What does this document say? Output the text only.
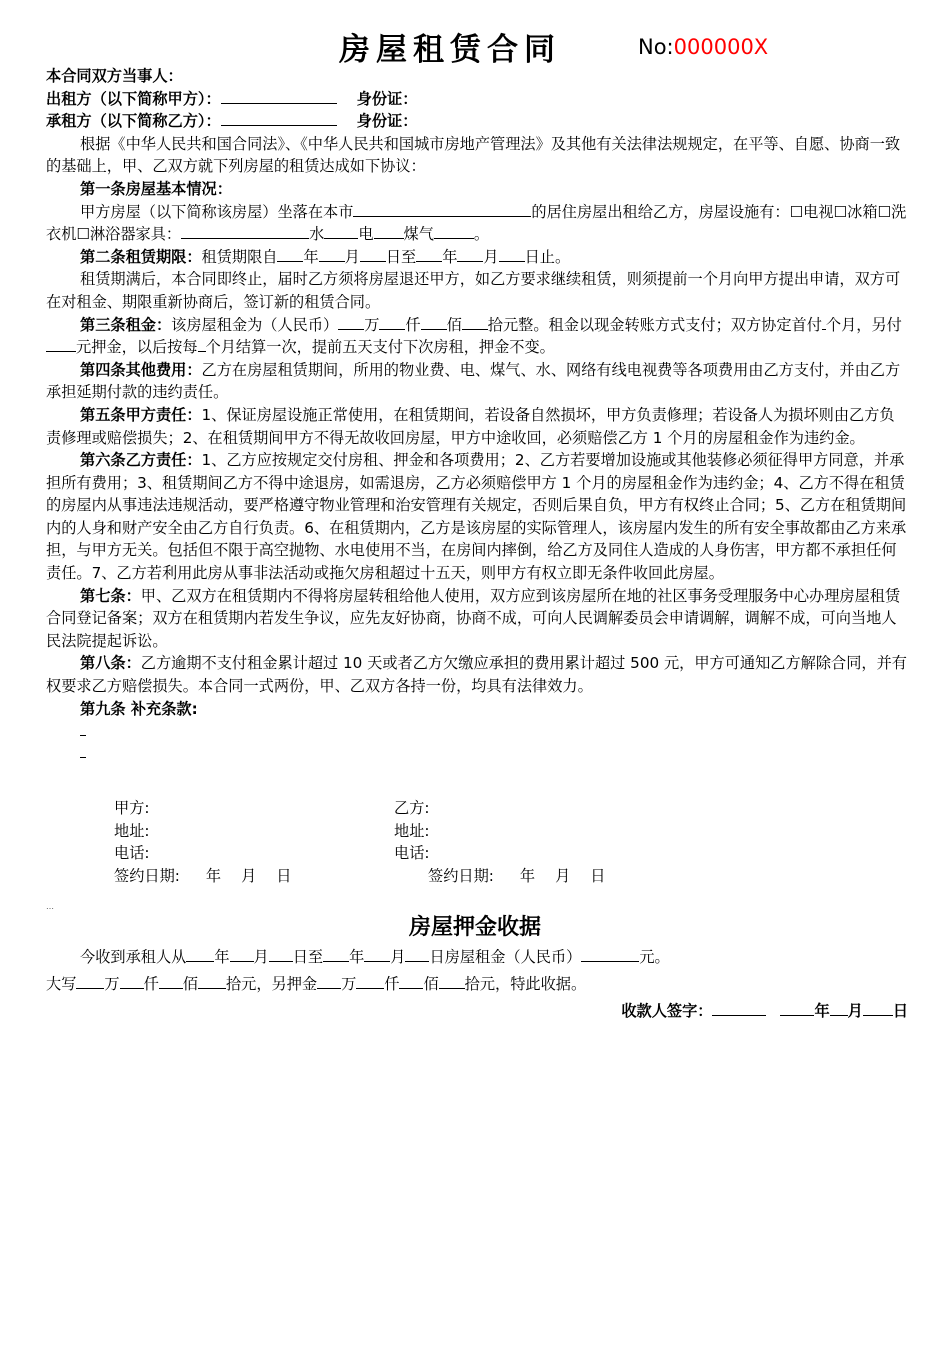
房屋租赁合同	No:000000X

本合同双方当事人：

出租方（以下简称甲方）：	身份证：

承租方（以下简称乙方）：	身份证：

根据《中华人民共和国合同法》、《中华人民共和国城市房地产管理法》及其他有关法律法规规定，在平等、自愿、协商一致的基础上，甲、乙双方就下列房屋的租赁达成如下协议：

第一条房屋基本情况：

甲方房屋（以下简称该房屋）坐落在本市	的居住房屋出租给乙方，房屋设施有：☐电视☐冰箱☐洗衣机☐淋浴器家具：	水 电 煤气	。

第二条租赁期限：租赁期限自 年 月 日至 年 月 日止。

租赁期满后，本合同即终止，届时乙方须将房屋退还甲方，如乙方要求继续租赁，则须提前一个月向甲方提出申请，双方可在对租金、期限重新协商后，签订新的租赁合同。

第三条租金：该房屋租金为（人民币） 万 仟 佰 拾元整。租金以现金转账方式支付；双方协定首付 个月，另付元押金，以后按每 个月结算一次，提前五天支付下次房租，押金不变。

第四条其他费用：乙方在房屋租赁期间，所用的物业费、电、煤气、水、网络有线电视费等各项费用由乙方支付，并由乙方承担延期付款的违约责任。

第五条甲方责任：1、保证房屋设施正常使用，在租赁期间，若设备自然损坏，甲方负责修理；若设备人为损坏则由乙方负责修理或赔偿损失；2、在租赁期间甲方不得无故收回房屋，甲方中途收回，必须赔偿乙方 1 个月的房屋租金作为违约金。

第六条乙方责任：1、乙方应按规定交付房租、押金和各项费用；2、乙方若要增加设施或其他装修必须征得甲方同意，并承担所有费用；3、租赁期间乙方不得中途退房，如需退房，乙方必须赔偿甲方 1 个月的房屋租金作为违约金；4、乙方不得在租赁的房屋内从事违法违规活动，要严格遵守物业管理和治安管理有关规定，否则后果自负，甲方有权终止合同；5、乙方在租赁期间内的人身和财产安全由乙方自行负责。6、在租赁期内，乙方是该房屋的实际管理人，该房屋内发生的所有安全事故都由乙方来承担，与甲方无关。包括但不限于高空抛物、水电使用不当，在房间内摔倒，给乙方及同住人造成的人身伤害，甲方都不承担任何责任。7、乙方若利用此房从事非法活动或拖欠房租超过十五天，则甲方有权立即无条件收回此房屋。

第七条：甲、乙双方在租赁期内不得将房屋转租给他人使用，双方应到该房屋所在地的社区事务受理服务中心办理房屋租赁合同登记备案；双方在租赁期内若发生争议，应先友好协商，协商不成，可向人民调解委员会申请调解，调解不成，可向当地人民法院提起诉讼。

第八条：乙方逾期不支付租金累计超过 10 天或者乙方欠缴应承担的费用累计超过 500 元，甲方可通知乙方解除合同，并有权要求乙方赔偿损失。本合同一式两份，甲、乙双方各持一份，均具有法律效力。

第九条 补充条款:

甲方:	乙方:
地址:	地址:
电话:	电话:
签约日期: 年 月 日	签约日期: 年 月 日
…
房屋押金收据

今收到承租人从 年 月 日至 年 月 日房屋租金（人民币）	元。

大写 万 仟 佰 拾元，另押金 万 仟 佰 拾元，特此收据。

收款人签字：	年 月 日
